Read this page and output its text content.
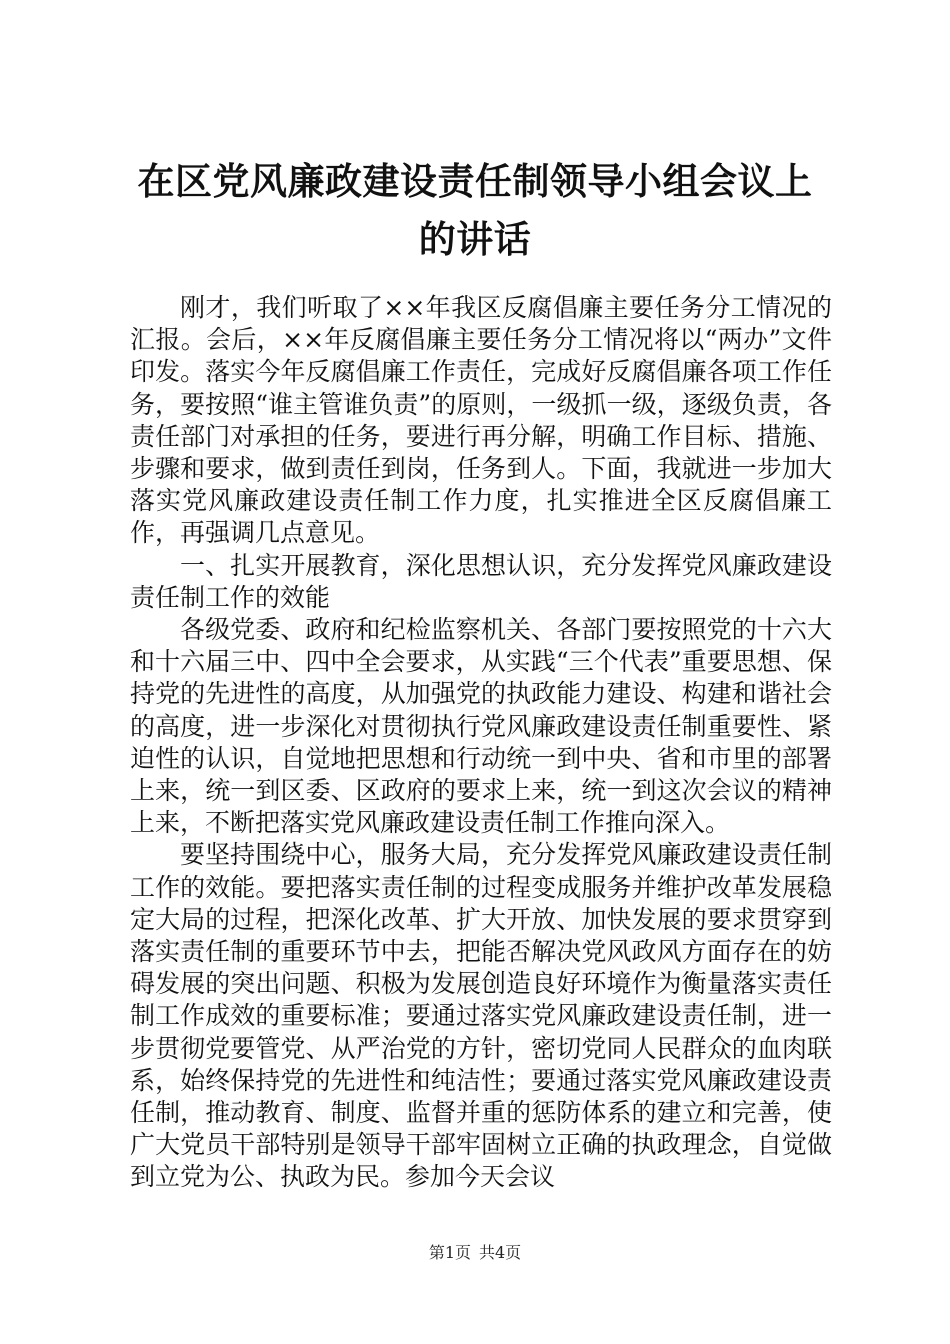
在区党风廉政建设责任制领导小组会议上的讲话

刚才，我们听取了××年我区反腐倡廉主要任务分工情况的汇报。会后，××年反腐倡廉主要任务分工情况将以“两办”文件印发。落实今年反腐倡廉工作责任，完成好反腐倡廉各项工作任务，要按照“谁主管谁负责”的原则，一级抓一级，逐级负责，各责任部门对承担的任务，要进行再分解，明确工作目标、措施、步骤和要求，做到责任到岗，任务到人。下面，我就进一步加大落实党风廉政建设责任制工作力度，扎实推进全区反腐倡廉工作，再强调几点意见。

一、扎实开展教育，深化思想认识，充分发挥党风廉政建设责任制工作的效能

各级党委、政府和纪检监察机关、各部门要按照党的十六大和十六届三中、四中全会要求，从实践“三个代表”重要思想、保持党的先进性的高度，从加强党的执政能力建设、构建和谐社会的高度，进一步深化对贯彻执行党风廉政建设责任制重要性、紧迫性的认识，自觉地把思想和行动统一到中央、省和市里的部署上来，统一到区委、区政府的要求上来，统一到这次会议的精神上来，不断把落实党风廉政建设责任制工作推向深入。

要坚持围绕中心，服务大局，充分发挥党风廉政建设责任制工作的效能。要把落实责任制的过程变成服务并维护改革发展稳定大局的过程，把深化改革、扩大开放、加快发展的要求贯穿到落实责任制的重要环节中去，把能否解决党风政风方面存在的妨碍发展的突出问题、积极为发展创造良好环境作为衡量落实责任制工作成效的重要标准；要通过落实党风廉政建设责任制，进一步贯彻党要管党、从严治党的方针，密切党同人民群众的血肉联系，始终保持党的先进性和纯洁性；要通过落实党风廉政建设责任制，推动教育、制度、监督并重的惩防体系的建立和完善，使广大党员干部特别是领导干部牢固树立正确的执政理念，自觉做到立党为公、执政为民。参加今天会议

第1页 共4页
